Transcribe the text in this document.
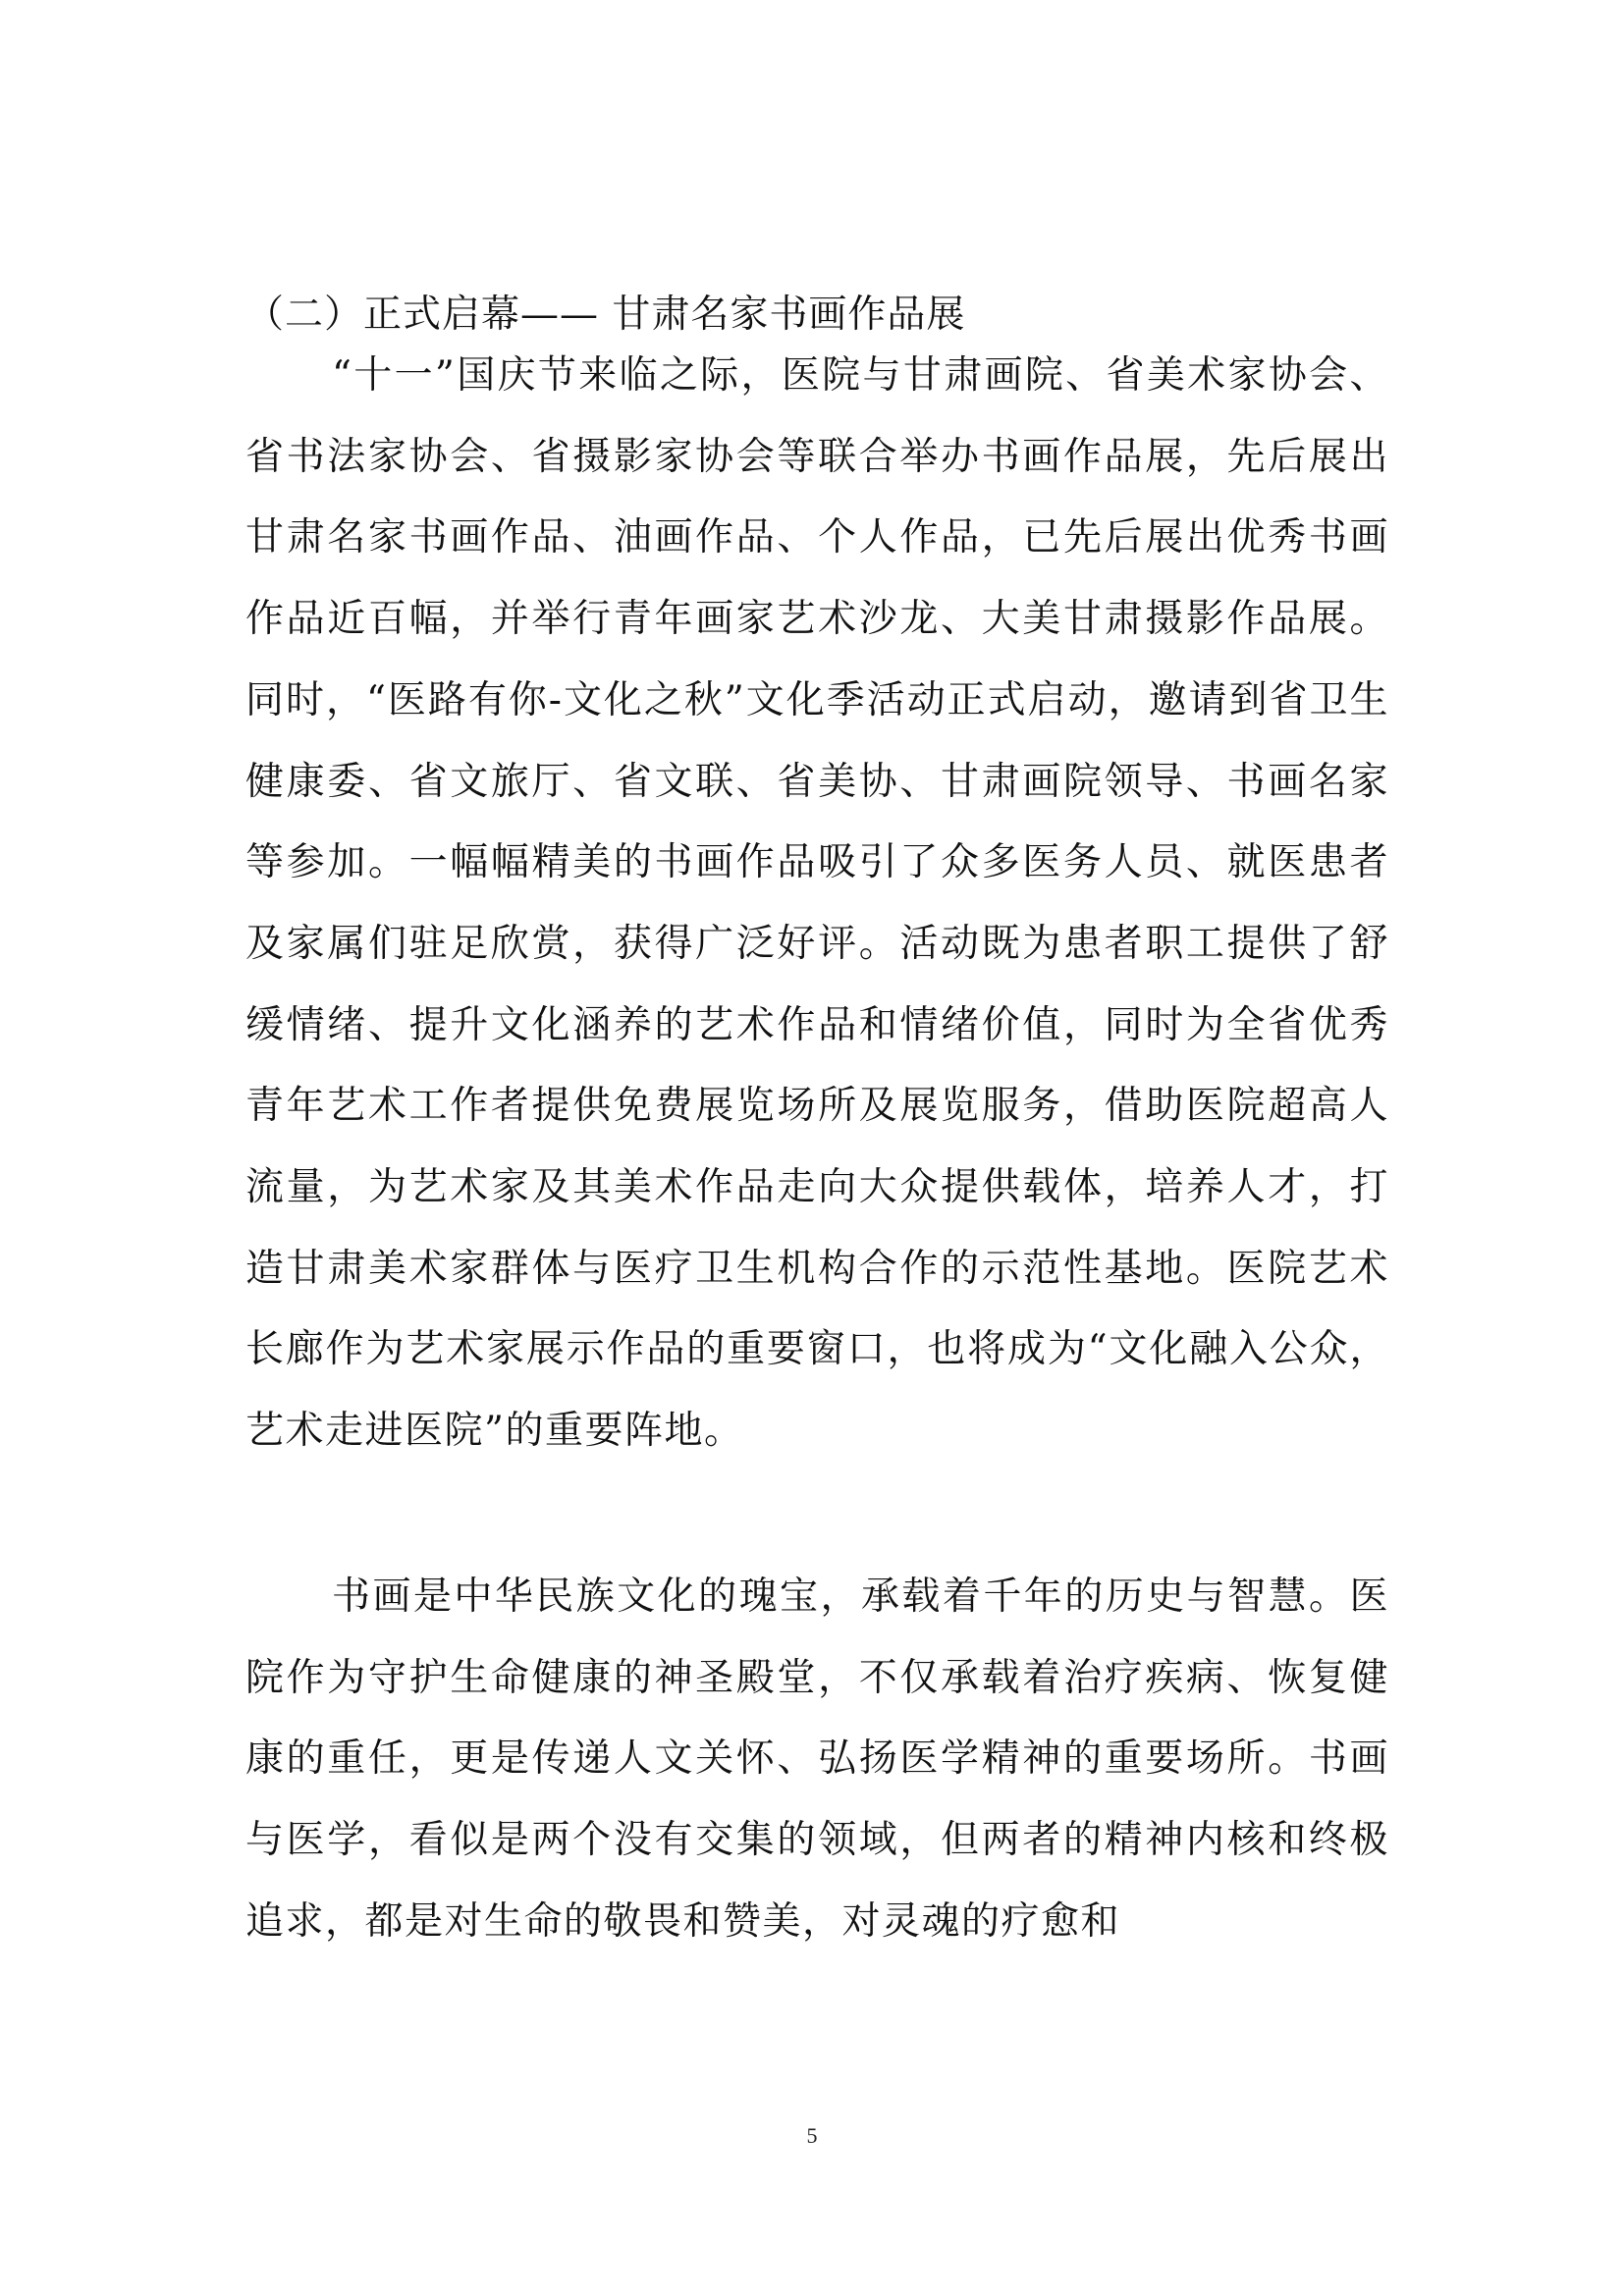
（二）正式启幕—— 甘肃名家书画作品展

“十一”国庆节来临之际，医院与甘肃画院、省美术家协会、省书法家协会、省摄影家协会等联合举办书画作品展，先后展出甘肃名家书画作品、油画作品、个人作品，已先后展出优秀书画作品近百幅，并举行青年画家艺术沙龙、大美甘肃摄影作品展。同时，“医路有你-文化之秋”文化季活动正式启动，邀请到省卫生健康委、省文旅厅、省文联、省美协、甘肃画院领导、书画名家等参加。一幅幅精美的书画作品吸引了众多医务人员、就医患者及家属们驻足欣赏，获得广泛好评。活动既为患者职工提供了舒缓情绪、提升文化涵养的艺术作品和情绪价值，同时为全省优秀青年艺术工作者提供免费展览场所及展览服务，借助医院超高人流量，为艺术家及其美术作品走向大众提供载体，培养人才，打造甘肃美术家群体与医疗卫生机构合作的示范性基地。医院艺术长廊作为艺术家展示作品的重要窗口，也将成为“文化融入公众，艺术走进医院”的重要阵地。

书画是中华民族文化的瑰宝，承载着千年的历史与智慧。医院作为守护生命健康的神圣殿堂，不仅承载着治疗疾病、恢复健康的重任，更是传递人文关怀、弘扬医学精神的重要场所。书画与医学，看似是两个没有交集的领域，但两者的精神内核和终极追求，都是对生命的敬畏和赞美，对灵魂的疗愈和

5
